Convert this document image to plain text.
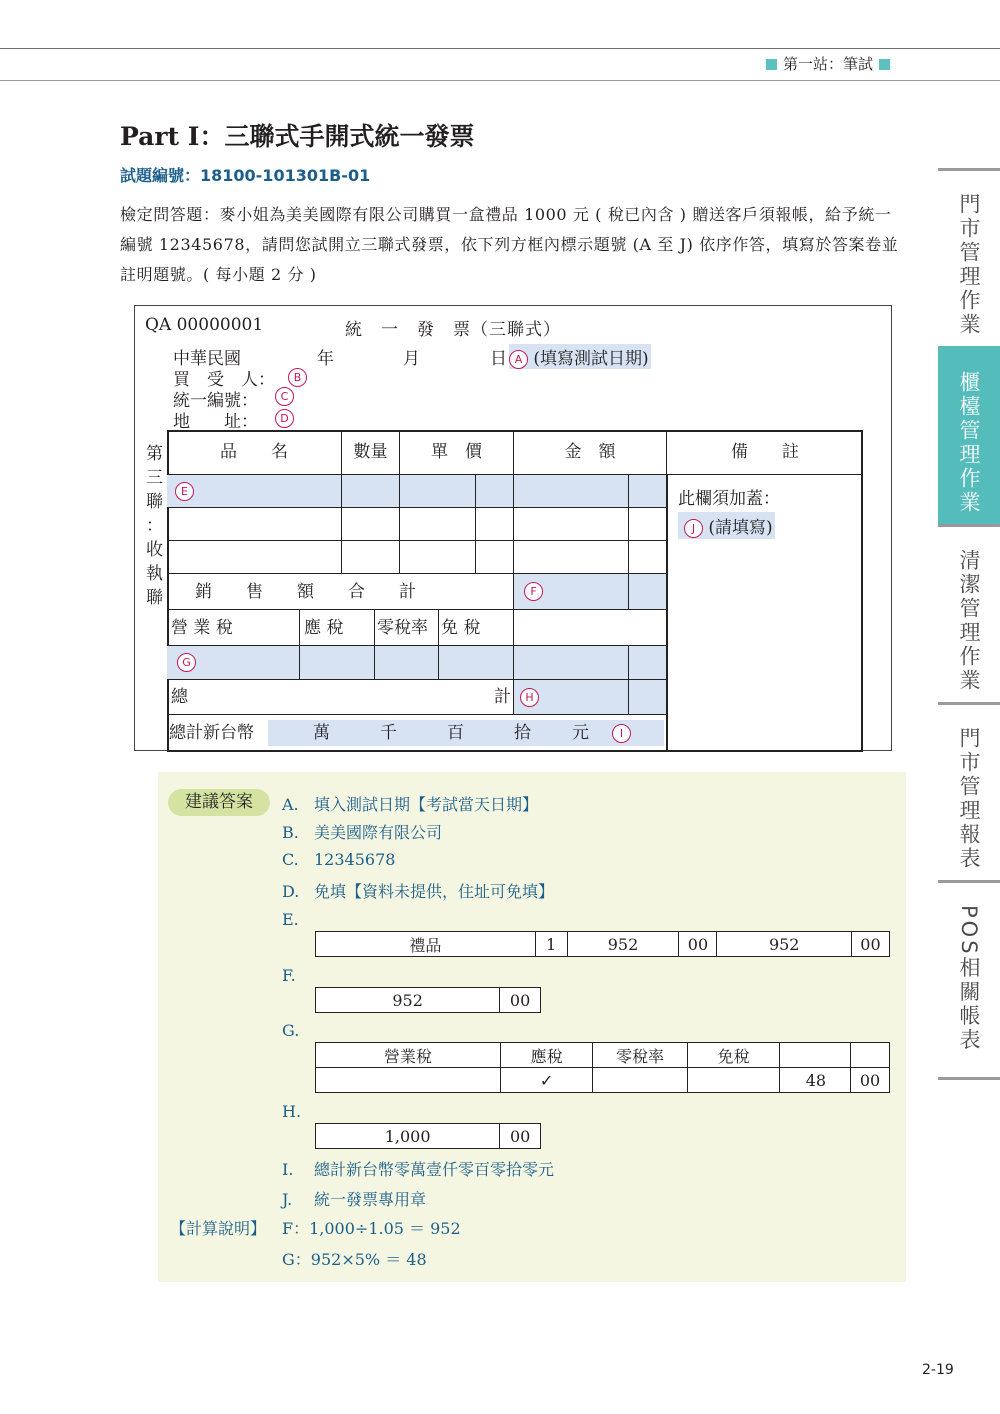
第一站：筆試
門市管理作業
櫃檯管理作業
清潔管理作業
門市管理報表
POS相關帳表
Part I：三聯式手開式統一發票
試題編號：18100-101301B-01
檢定問答題：麥小姐為美美國際有限公司購買一盒禮品 1000 元 ( 稅已內含 ) 贈送客戶須報帳，給予統一編號 12345678，請問您試開立三聯式發票，依下列方框內標示題號 (A 至 J) 依序作答，填寫於答案卷並註明題號。( 每小題 2 分 )
QA 00000001	統　一　發　票（三聯式）
中華民國	年	月	日 A (填寫測試日期)
買　受　人：	B
統一編號：	C
地　　址：	D
第
三
聯
：
收
執
聯
品　　名	數量	單　價	金　額	備　　註
E
銷　　售　　額　　合　　計	F
營 業 稅	應 稅	零稅率 免 稅
G
總	計	H
總計新台幣	萬	千	百	拾 元	I
此欄須加蓋：
J (請填寫)
建議答案	A. 填入測試日期【考試當天日期】
B. 美美國際有限公司
C. 12345678
D. 免填【資料未提供，住址可免填】
E.
禮品	1	952	00	952	00
F.
952	00
G.
營業稅	應稅	零稅率	免稅		
	✓			48	00
H.
1,000	00
I. 總計新台幣零萬壹仟零百零拾零元
J. 統一發票專用章
【計算說明】 F：1,000÷1.05 ＝ 952
G：952×5% ＝ 48
2-19
